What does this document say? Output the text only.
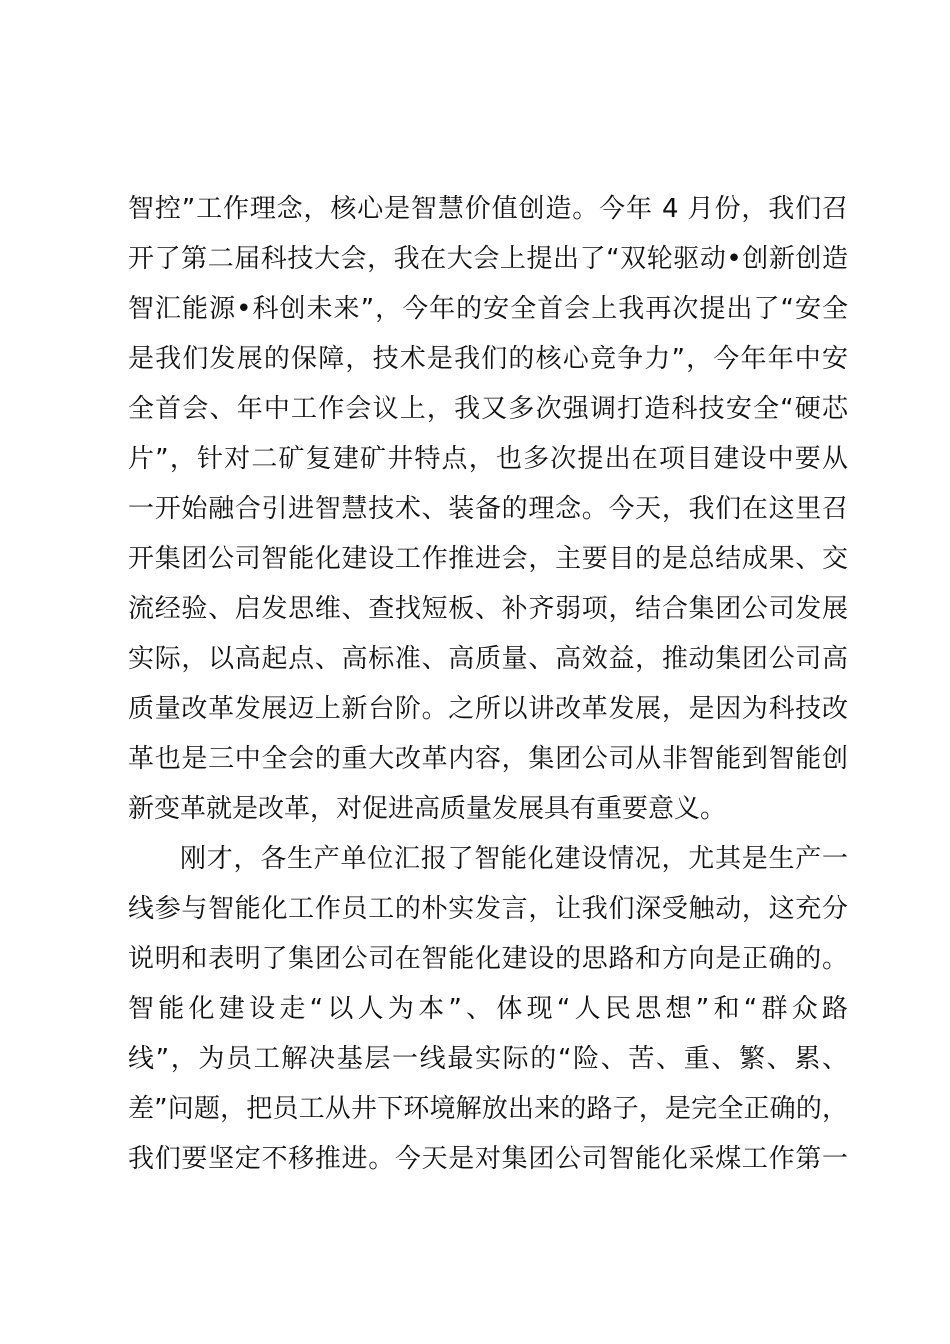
智控”工作理念，核心是智慧价值创造。今年 4 月份，我们召
开了第二届科技大会，我在大会上提出了“双轮驱动•创新创造
智汇能源•科创未来”，今年的安全首会上我再次提出了“安全
是我们发展的保障，技术是我们的核心竞争力”，今年年中安
全首会、年中工作会议上，我又多次强调打造科技安全“硬芯
片”，针对二矿复建矿井特点，也多次提出在项目建设中要从
一开始融合引进智慧技术、装备的理念。今天，我们在这里召
开集团公司智能化建设工作推进会，主要目的是总结成果、交
流经验、启发思维、查找短板、补齐弱项，结合集团公司发展
实际，以高起点、高标准、高质量、高效益，推动集团公司高
质量改革发展迈上新台阶。之所以讲改革发展，是因为科技改
革也是三中全会的重大改革内容，集团公司从非智能到智能创
新变革就是改革，对促进高质量发展具有重要意义。
刚才，各生产单位汇报了智能化建设情况，尤其是生产一
线参与智能化工作员工的朴实发言，让我们深受触动，这充分
说明和表明了集团公司在智能化建设的思路和方向是正确的。
智能化建设走“以人为本”、体现“人民思想”和“群众路
线”，为员工解决基层一线最实际的“险、苦、重、繁、累、
差”问题，把员工从井下环境解放出来的路子，是完全正确的，
我们要坚定不移推进。今天是对集团公司智能化采煤工作第一
